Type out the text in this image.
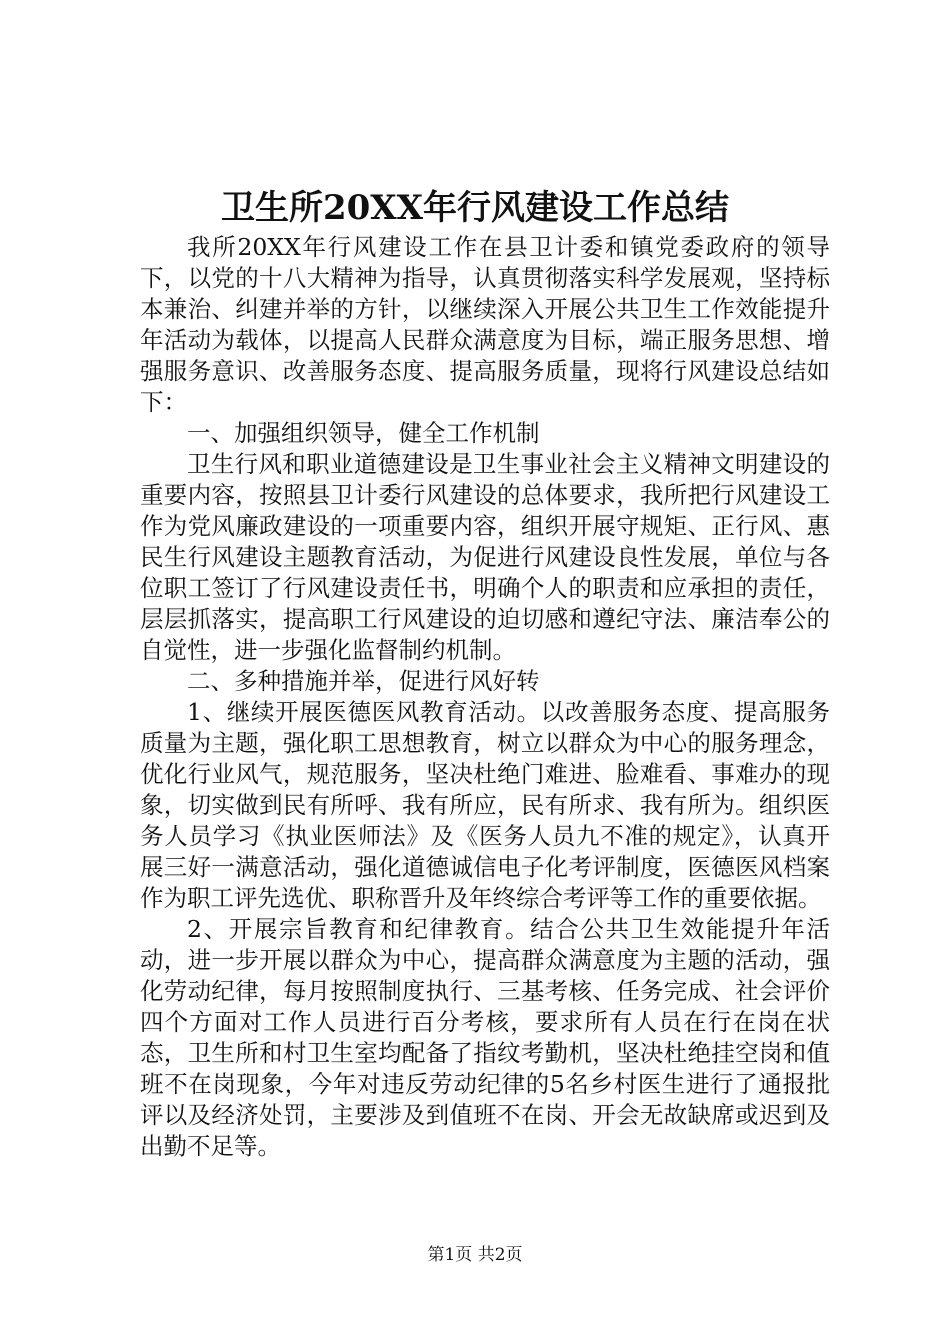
卫生所20XX年行风建设工作总结

我所20XX年行风建设工作在县卫计委和镇党委政府的领导下，以党的十八大精神为指导，认真贯彻落实科学发展观，坚持标本兼治、纠建并举的方针，以继续深入开展公共卫生工作效能提升年活动为载体，以提高人民群众满意度为目标，端正服务思想、增强服务意识、改善服务态度、提高服务质量，现将行风建设总结如下：

一、加强组织领导，健全工作机制

卫生行风和职业道德建设是卫生事业社会主义精神文明建设的重要内容，按照县卫计委行风建设的总体要求，我所把行风建设工作为党风廉政建设的一项重要内容，组织开展守规矩、正行风、惠民生行风建设主题教育活动，为促进行风建设良性发展，单位与各位职工签订了行风建设责任书，明确个人的职责和应承担的责任，层层抓落实，提高职工行风建设的迫切感和遵纪守法、廉洁奉公的自觉性，进一步强化监督制约机制。

二、多种措施并举，促进行风好转

1、继续开展医德医风教育活动。以改善服务态度、提高服务质量为主题，强化职工思想教育，树立以群众为中心的服务理念，优化行业风气，规范服务，坚决杜绝门难进、脸难看、事难办的现象，切实做到民有所呼、我有所应，民有所求、我有所为。组织医务人员学习《执业医师法》及《医务人员九不准的规定》，认真开展三好一满意活动，强化道德诚信电子化考评制度，医德医风档案作为职工评先选优、职称晋升及年终综合考评等工作的重要依据。

2、开展宗旨教育和纪律教育。结合公共卫生效能提升年活动，进一步开展以群众为中心，提高群众满意度为主题的活动，强化劳动纪律，每月按照制度执行、三基考核、任务完成、社会评价四个方面对工作人员进行百分考核，要求所有人员在行在岗在状态，卫生所和村卫生室均配备了指纹考勤机，坚决杜绝挂空岗和值班不在岗现象，今年对违反劳动纪律的5名乡村医生进行了通报批评以及经济处罚，主要涉及到值班不在岗、开会无故缺席或迟到及出勤不足等。

第1页 共2页
